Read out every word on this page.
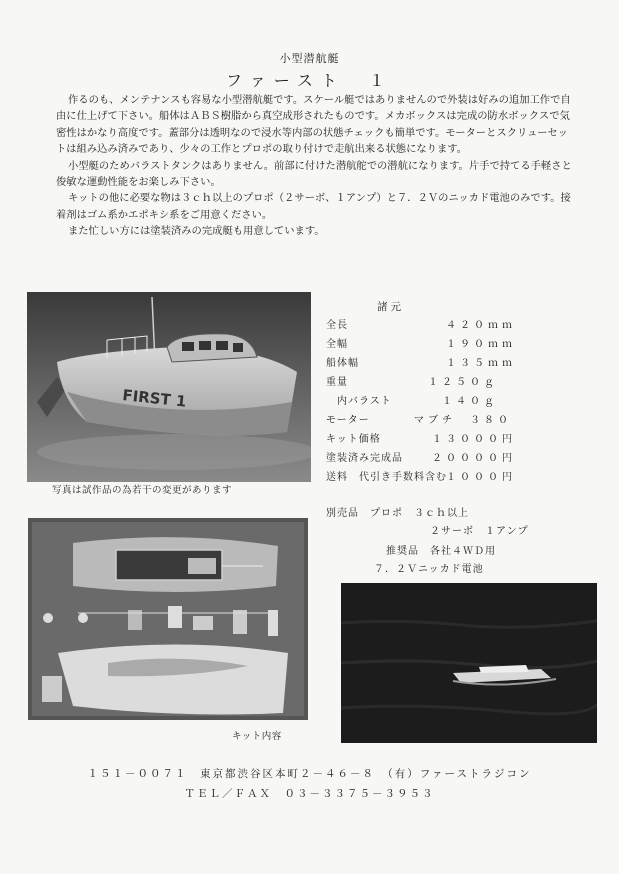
小型潜航艇
ファースト　１

作るのも、メンテナンスも容易な小型潜航艇です。スケール艇ではありませんので外装は好みの追加工作で自由に仕上げて下さい。船体はＡＢＳ樹脂から真空成形されたものです。メカボックスは完成の防水ボックスで気密性はかなり高度です。蓋部分は透明なので浸水等内部の状態チェックも簡単です。モーターとスクリューセットは組み込み済みであり、少々の工作とプロポの取り付けで走航出来る状態になります。

小型艇のためバラストタンクはありません。前部に付けた潜航舵での潜航になります。片手で持てる手軽さと俊敏な運動性能をお楽しみ下さい。

キットの他に必要な物は３ｃｈ以上のプロポ（２サーボ、１アンプ）と７．２Ｖのニッカド電池のみです。接着剤はゴム系かエポキシ系をご用意ください。

また忙しい方には塗装済みの完成艇も用意しています。

FIRST 1
写真は試作品の為若干の変更があります
キット内容
諸元
全長	４２０ｍｍ
全幅	１９０ｍｍ
船体幅	１３５ｍｍ
重量	１２５０ｇ
　内バラスト	１４０ｇ
モーター	マブチ　３８０
キット価格	１３０００円
塗装済み完成品	２００００円
送料　代引き手数料含む １０００円
別売品　プロポ　３ｃｈ以上
２サーボ　１アンプ
推奨品　各社４ＷＤ用
７．２Ｖニッカド電池
１５１－００７１　東京都渋谷区本町２－４６－８　（有）ファーストラジコン
ＴＥＬ／ＦＡＸ　０３－３３７５－３９５３
